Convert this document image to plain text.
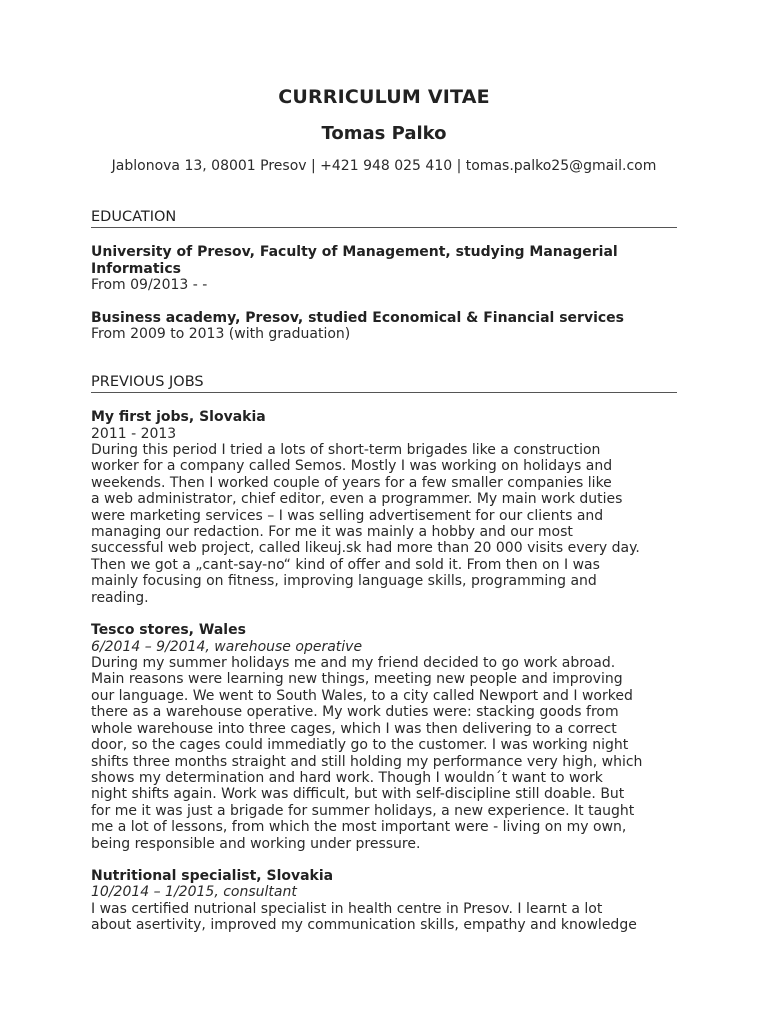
CURRICULUM VITAE
Tomas Palko
Jablonova 13, 08001 Presov | +421 948 025 410 | tomas.palko25@gmail.com
EDUCATION
University of Presov, Faculty of Management, studying Managerial Informatics
From 09/2013 - -
Business academy, Presov, studied Economical & Financial services
From 2009 to 2013 (with graduation)
PREVIOUS JOBS
My first jobs, Slovakia
2011 - 2013
During this period I tried a lots of short-term brigades like a construction
worker for a company called Semos. Mostly I was working on holidays and
weekends. Then I worked couple of years for a few smaller companies like
a web administrator, chief editor, even a programmer. My main work duties
were marketing services – I was selling advertisement for our clients and
managing our redaction. For me it was mainly a hobby and our most
successful web project, called likeuj.sk had more than 20 000 visits every day.
Then we got a „cant-say-no“ kind of offer and sold it. From then on I was
mainly focusing on fitness, improving language skills, programming and
reading.
Tesco stores, Wales
6/2014 – 9/2014, warehouse operative
During my summer holidays me and my friend decided to go work abroad.
Main reasons were learning new things, meeting new people and improving
our language. We went to South Wales, to a city called Newport and I worked
there as a warehouse operative. My work duties were: stacking goods from
whole warehouse into three cages, which I was then delivering to a correct
door, so the cages could immediatly go to the customer. I was working night
shifts three months straight and still holding my performance very high, which
shows my determination and hard work. Though I wouldn´t want to work
night shifts again. Work was difficult, but with self-discipline still doable. But
for me it was just a brigade for summer holidays, a new experience. It taught
me a lot of lessons, from which the most important were - living on my own,
being responsible and working under pressure.
Nutritional specialist, Slovakia
10/2014 – 1/2015, consultant
I was certified nutrional specialist in health centre in Presov. I learnt a lot
about asertivity, improved my communication skills, empathy and knowledge
